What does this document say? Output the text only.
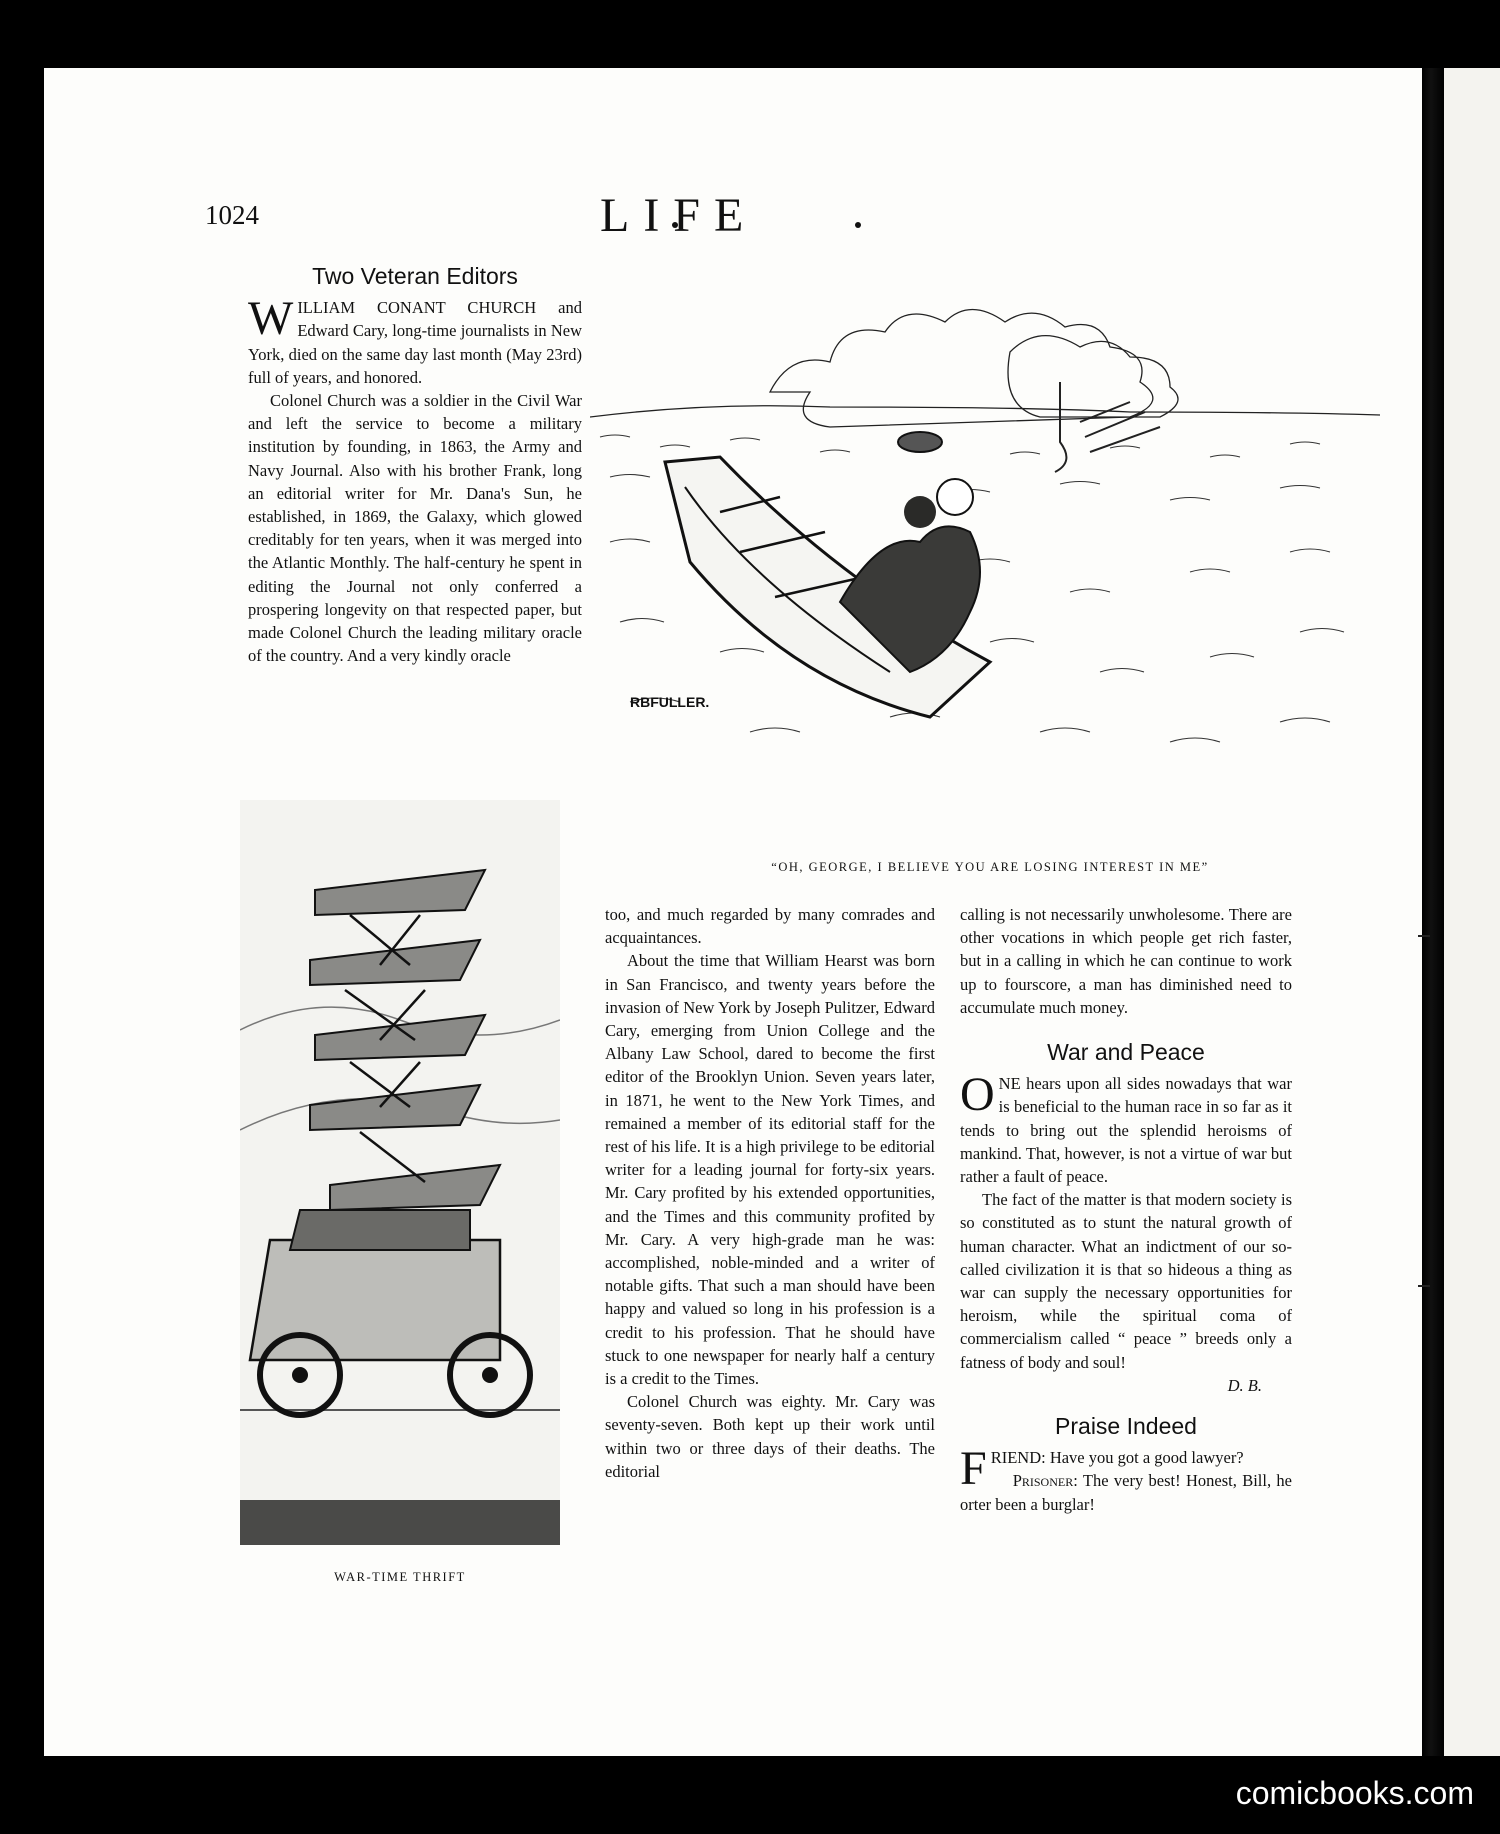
1024	LIFE
Two Veteran Editors

WILLIAM CONANT CHURCH and Edward Cary, long-time journalists in New York, died on the same day last month (May 23rd) full of years, and honored.

Colonel Church was a soldier in the Civil War and left the service to become a military institution by founding, in 1863, the Army and Navy Journal. Also with his brother Frank, long an editorial writer for Mr. Dana's Sun, he established, in 1869, the Galaxy, which glowed creditably for ten years, when it was merged into the Atlantic Monthly. The half-century he spent in editing the Journal not only conferred a prospering longevity on that respected paper, but made Colonel Church the leading military oracle of the country. And a very kindly oracle

RBFULLER.

“OH, GEORGE, I BELIEVE YOU ARE LOSING INTEREST IN ME”

WAR-TIME THRIFT

too, and much regarded by many comrades and acquaintances.

About the time that William Hearst was born in San Francisco, and twenty years before the invasion of New York by Joseph Pulitzer, Edward Cary, emerging from Union College and the Albany Law School, dared to become the first editor of the Brooklyn Union. Seven years later, in 1871, he went to the New York Times, and remained a member of its editorial staff for the rest of his life. It is a high privilege to be editorial writer for a leading journal for forty-six years. Mr. Cary profited by his extended opportunities, and the Times and this community profited by Mr. Cary. A very high-grade man he was: accomplished, noble-minded and a writer of notable gifts. That such a man should have been happy and valued so long in his profession is a credit to his profession. That he should have stuck to one newspaper for nearly half a century is a credit to the Times.

Colonel Church was eighty. Mr. Cary was seventy-seven. Both kept up their work until within two or three days of their deaths. The editorial

calling is not necessarily unwholesome. There are other vocations in which people get rich faster, but in a calling in which he can continue to work up to fourscore, a man has diminished need to accumulate much money.

War and Peace

ONE hears upon all sides nowadays that war is beneficial to the human race in so far as it tends to bring out the splendid heroisms of mankind. That, however, is not a virtue of war but rather a fault of peace.

The fact of the matter is that modern society is so constituted as to stunt the natural growth of human character. What an indictment of our so-called civilization it is that so hideous a thing as war can supply the necessary opportunities for heroism, while the spiritual coma of commercialism called “ peace ” breeds only a fatness of body and soul!

D. B.

Praise Indeed

FRIEND: Have you got a good lawyer?

Prisoner: The very best! Honest, Bill, he orter been a burglar!

comicbooks.com
